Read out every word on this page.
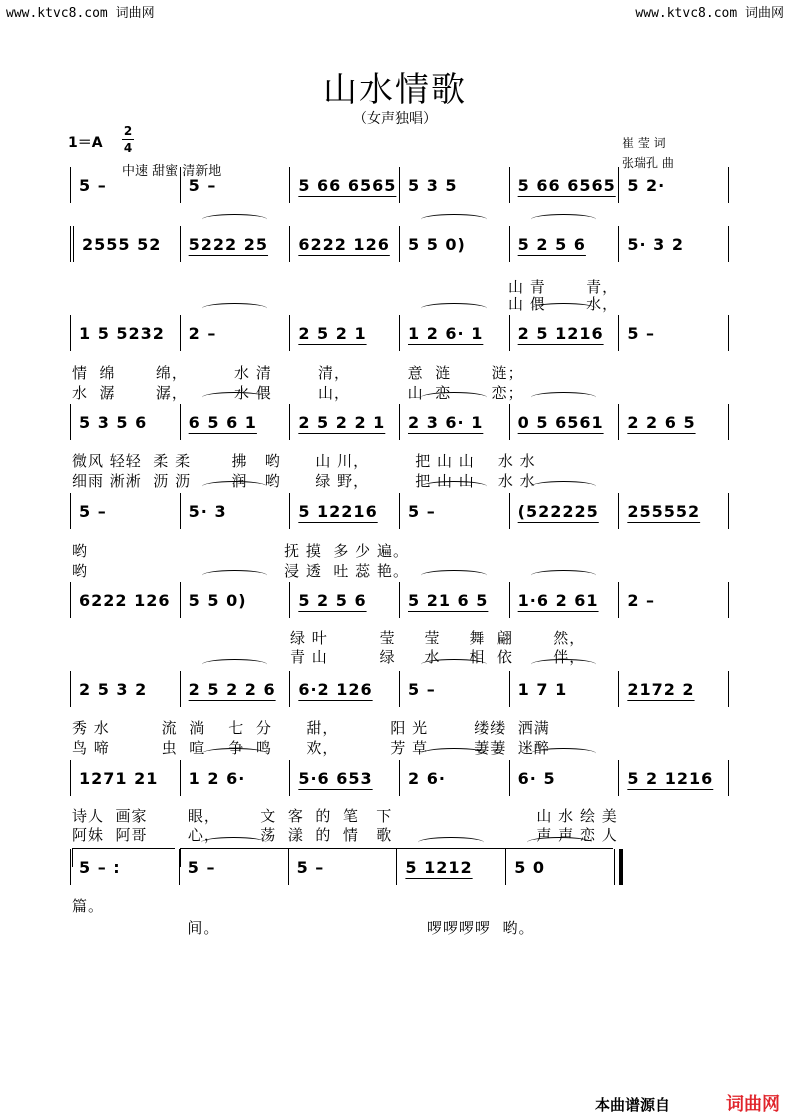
www.ktvc8.com 词曲网	www.ktvc8.com 词曲网
山水情歌
（女声独唱）
1＝A
2
4
中速 甜蜜 清新地
崔 莹 词
张瑞孔 曲
5 –	5 –	5 66 6565 5 3 5	5 66 6565 5 2·
2555 52 5222 25 6222 126 5 5 0)	5 2 5 6	5· 3 2
山 青       青，
山 偎       水，
1 5 5232 2 –	2 5 2 1	1 2 6· 1 2 5 1216 5 –
情  绵       绵，        水 清        清，          意  涟       涟；
水  潺       潺，        水 偎        山，          山  恋       恋；
5 3 5 6	6 5 6 1	2 5 2 2 1 2 3 6· 1 0 5 6561 2 2 6 5
微风 轻轻  柔 柔       拂   哟      山 川，        把 山 山    水 水
细雨 淅淅  沥 沥       润   哟      绿 野，        把 山 山    水 水
5 –	5· 3	5 12216 5 –	(522225 255552
哟                                  抚 摸  多 少 遍。
哟                                  浸 透  吐 蕊 艳。
6222 126 5 5 0)	5 2 5 6	5 21 6 5 1·6 2 61 2 –
绿 叶         莹     莹     舞  翩       然，
青 山         绿     水     相  依       伴，
2 5 3 2	2 5 2 2 6 6·2 126 5 –	1 7 1	2172 2
秀 水         流  淌    七  分      甜，         阳 光        缕缕  洒满
鸟 啼         虫  喧    争  鸣      欢，         芳 草        萋萋  迷醉
1271 21 1 2 6·	5·6 653 2 6·	6· 5	5 2 1216
诗人  画家       眼，       文  客  的  笔   下                         山 水 绘 美
阿妹  阿哥       心，       荡  漾  的  情   歌                         声 声 恋 人
5 – :	5 –	5 –	5 1212	5 0
篇。
间。                                    啰啰啰啰  哟。
本曲谱源自	词曲网
